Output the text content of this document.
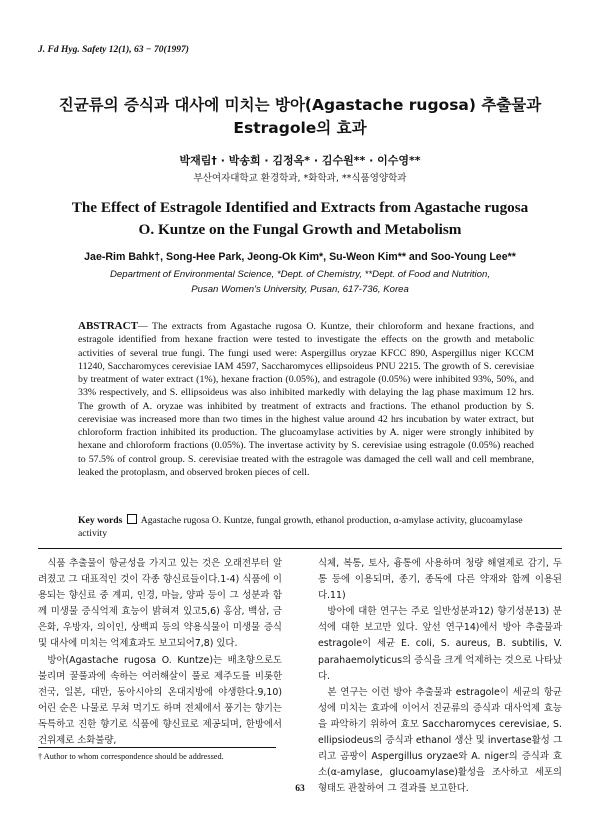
J. Fd Hyg. Safety 12(1), 63 − 70(1997)
진균류의 증식과 대사에 미치는 방아(Agastache rugosa) 추출물과
Estragole의 효과
박재림† · 박송희 · 김정옥* · 김수원** · 이수영**
부산여자대학교 환경학과, *화학과, **식품영양학과
The Effect of Estragole Identified and Extracts from Agastache rugosa
O. Kuntze on the Fungal Growth and Metabolism
Jae-Rim Bahk†, Song-Hee Park, Jeong-Ok Kim*, Su-Weon Kim** and Soo-Young Lee**
Department of Environmental Science, *Dept. of Chemistry, **Dept. of Food and Nutrition,
Pusan Women's University, Pusan, 617-736, Korea
ABSTRACT— The extracts from Agastache rugosa O. Kuntze, their chloroform and hexane fractions, and estragole identified from hexane fraction were tested to investigate the effects on the growth and metabolic activities of several true fungi. The fungi used were: Aspergillus oryzae KFCC 890, Aspergillus niger KCCM 11240, Saccharomyces cerevisiae IAM 4597, Saccharomyces ellipsoideus PNU 2215. The growth of S. cerevisiae by treatment of water extract (1%), hexane fraction (0.05%), and estragole (0.05%) were inhibited 93%, 50%, and 33% respectively, and S. ellipsoideus was also inhibited markedly with delaying the lag phase maximum 12 hrs. The growth of A. oryzae was inhibited by treatment of extracts and fractions. The ethanol production by S. cerevisiae was increased more than two times in the highest value around 42 hrs incubation by water extract, but chloroform fraction inhibited its production. The glucoamylase activities by A. niger were strongly inhibited by hexane and chloroform fractions (0.05%). The invertase activity by S. cerevisiae using estragole (0.05%) reached to 57.5% of control group. S. cerevisiae treated with the estragole was damaged the cell wall and cell membrane, leaked the protoplasm, and observed broken pieces of cell.
Key words Agastache rugosa O. Kuntze, fungal growth, ethanol production, α-amylase activity, glucoamylase activity

식품 추출물이 항균성을 가지고 있는 것은 오래전부터 알려졌고 그 대표적인 것이 각종 향신료들이다.1-4) 식품에 이용되는 향신료 중 계피, 인경, 마늘, 양파 등이 그 성분과 함께 미생물 증식억제 효능이 밝혀져 있고5,6) 홍삼, 백삼, 금은화, 우방자, 의이인, 상백피 등의 약용식물이 미생물 증식 및 대사에 미치는 억제효과도 보고되어7,8) 있다.

방아(Agastache rugosa O. Kuntze)는 배초향으로도 불리며 꿀풀과에 속하는 여러해살이 풀로 제주도를 비롯한 전국, 일본, 대만, 동아시아의 온대지방에 야생한다.9,10) 어린 순은 나물로 무쳐 먹기도 하며 전체에서 풍기는 향기는 독특하고 진한 향기로 식품에 향신료로 제공되며, 한방에서 건위제로 소화불량,

식체, 복통, 토사, 흉통에 사용하며 청량 해열제로 감기, 두통 등에 이용되며, 종기, 종독에 다른 약재와 함께 이용된다.11)

방아에 대한 연구는 주로 일반성분과12) 향기성분13) 분석에 대한 보고만 있다. 앞선 연구14)에서 방아 추출물과 estragole이 세균 E. coli, S. aureus, B. subtilis, V. parahaemolyticus의 증식을 크게 억제하는 것으로 나타났다.

본 연구는 이런 방아 추출물과 estragole이 세균의 항균성에 미치는 효과에 이어서 진균류의 증식과 대사억제 효능을 파악하기 위하여 효모 Saccharomyces cerevisiae, S. ellipsiodeus의 증식과 ethanol 생산 및 invertase활성 그리고 곰팡이 Aspergillus oryzae와 A. niger의 증식과 효소(α-amylase, glucoamylase)활성을 조사하고 세포의 형태도 관찰하여 그 결과를 보고한다.

† Author to whom correspondence should be addressed.
63
